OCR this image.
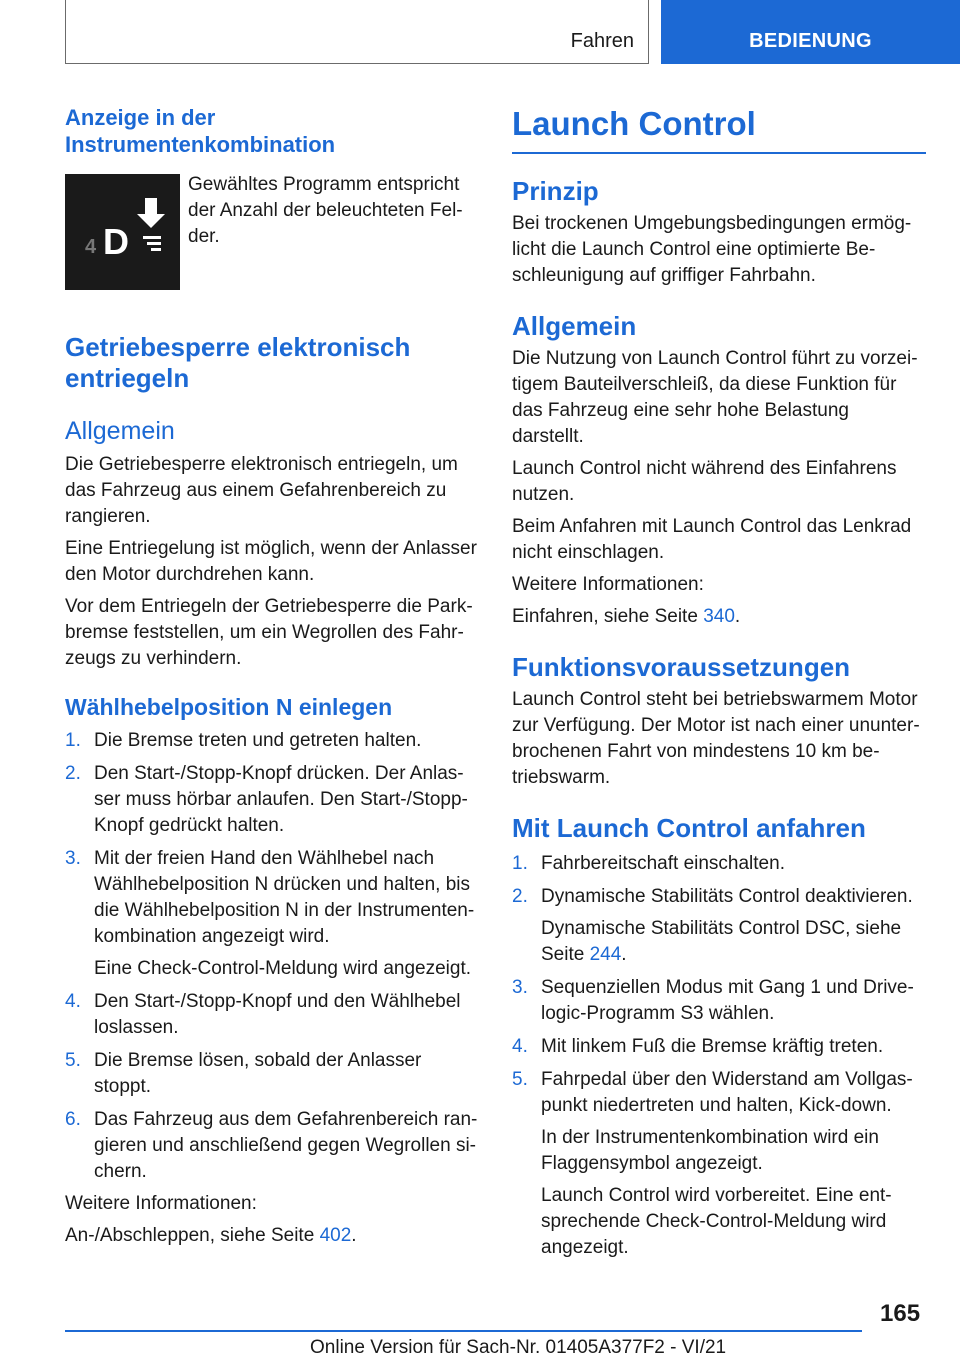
Fahren	BEDIENUNG
Anzeige in der Instrumentenkombination
4 D

Gewähltes Programm entspricht der Anzahl der beleuchteten Fel-der.

Getriebesperre elektronisch entriegeln
Allgemein

Die Getriebesperre elektronisch entriegeln, um das Fahrzeug aus einem Gefahrenbereich zu rangieren.

Eine Entriegelung ist möglich, wenn der Anlasser den Motor durchdrehen kann.

Vor dem Entriegeln der Getriebesperre die Park-bremse feststellen, um ein Wegrollen des Fahr-zeugs zu verhindern.

Wählhebelposition N einlegen
1. Die Bremse treten und getreten halten.
2. Den Start-/Stopp-Knopf drücken. Der Anlas-ser muss hörbar anlaufen. Den Start-/Stopp-Knopf gedrückt halten.
3. Mit der freien Hand den Wählhebel nach Wählhebelposition N drücken und halten, bis die Wählhebelposition N in der Instrumenten-kombination angezeigt wird.
Eine Check-Control-Meldung wird angezeigt.
4. Den Start-/Stopp-Knopf und den Wählhebel loslassen.
5. Die Bremse lösen, sobald der Anlasser stoppt.
6. Das Fahrzeug aus dem Gefahrenbereich ran-gieren und anschließend gegen Wegrollen si-chern.

Weitere Informationen:

An-/Abschleppen, siehe Seite 402.

Launch Control
Prinzip

Bei trockenen Umgebungsbedingungen ermög-licht die Launch Control eine optimierte Be-schleunigung auf griffiger Fahrbahn.

Allgemein

Die Nutzung von Launch Control führt zu vorzei-tigem Bauteilverschleiß, da diese Funktion für das Fahrzeug eine sehr hohe Belastung darstellt.

Launch Control nicht während des Einfahrens nutzen.

Beim Anfahren mit Launch Control das Lenkrad nicht einschlagen.

Weitere Informationen:

Einfahren, siehe Seite 340.

Funktionsvoraussetzungen

Launch Control steht bei betriebswarmem Motor zur Verfügung. Der Motor ist nach einer ununter-brochenen Fahrt von mindestens 10 km be-triebswarm.

Mit Launch Control anfahren
1. Fahrbereitschaft einschalten.
2. Dynamische Stabilitäts Control deaktivieren.
Dynamische Stabilitäts Control DSC, siehe Seite 244.
3. Sequenziellen Modus mit Gang 1 und Drive-logic-Programm S3 wählen.
4. Mit linkem Fuß die Bremse kräftig treten.
5. Fahrpedal über den Widerstand am Vollgas-punkt niedertreten und halten, Kick-down.
In der Instrumentenkombination wird ein Flaggensymbol angezeigt.
Launch Control wird vorbereitet. Eine ent-sprechende Check-Control-Meldung wird angezeigt.
165
Online Version für Sach-Nr. 01405A377F2 - VI/21
